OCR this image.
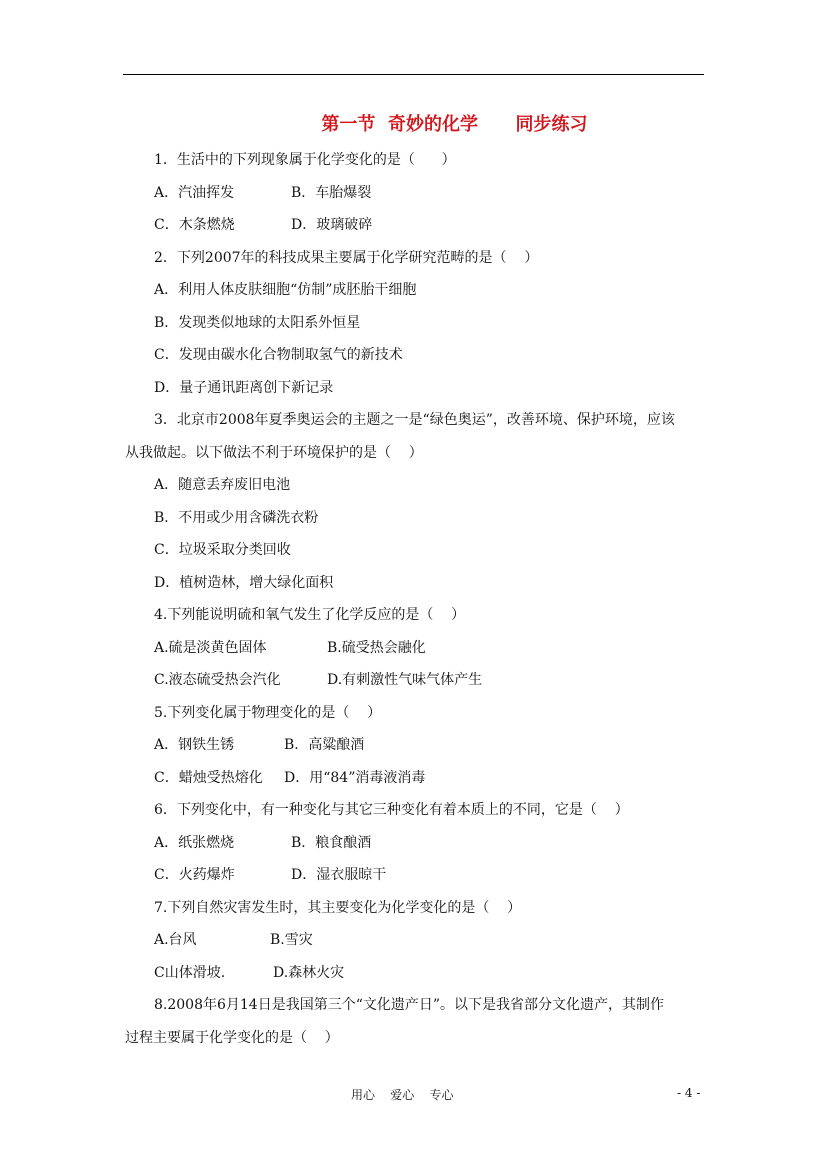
第一节  奇妙的化学      同步练习
1．生活中的下列现象属于化学变化的是（      ）
A．汽油挥发	B．车胎爆裂
C．木条燃烧	D．玻璃破碎
2．下列2007年的科技成果主要属于化学研究范畴的是（    ）
A．利用人体皮肤细胞“仿制”成胚胎干细胞
B．发现类似地球的太阳系外恒星
C．发现由碳水化合物制取氢气的新技术
D．量子通讯距离创下新记录
3．北京市2008年夏季奥运会的主题之一是“绿色奥运”，改善环境、保护环境，应该
从我做起。以下做法不利于环境保护的是（    ）
A．随意丢弃废旧电池
B．不用或少用含磷洗衣粉
C．垃圾采取分类回收
D．植树造林，增大绿化面积
4.下列能说明硫和氧气发生了化学反应的是（    ）
A.硫是淡黄色固体	B.硫受热会融化
C.液态硫受热会汽化	D.有刺激性气味气体产生
5.下列变化属于物理变化的是（    ）
A．钢铁生锈	B．高粱酿酒
C．蜡烛受热熔化 D．用“84”消毒液消毒
6．下列变化中，有一种变化与其它三种变化有着本质上的不同，它是（    ）
A．纸张燃烧	B．粮食酿酒
C．火药爆炸	D．湿衣服晾干
7.下列自然灾害发生时，其主要变化为化学变化的是（    ）
A.台风	B.雪灾
C山体滑坡.	D.森林火灾
8.2008年6月14日是我国第三个“文化遗产日”。以下是我省部分文化遗产，其制作
过程主要属于化学变化的是（    ）
用心    爱心    专心	- 4 -
